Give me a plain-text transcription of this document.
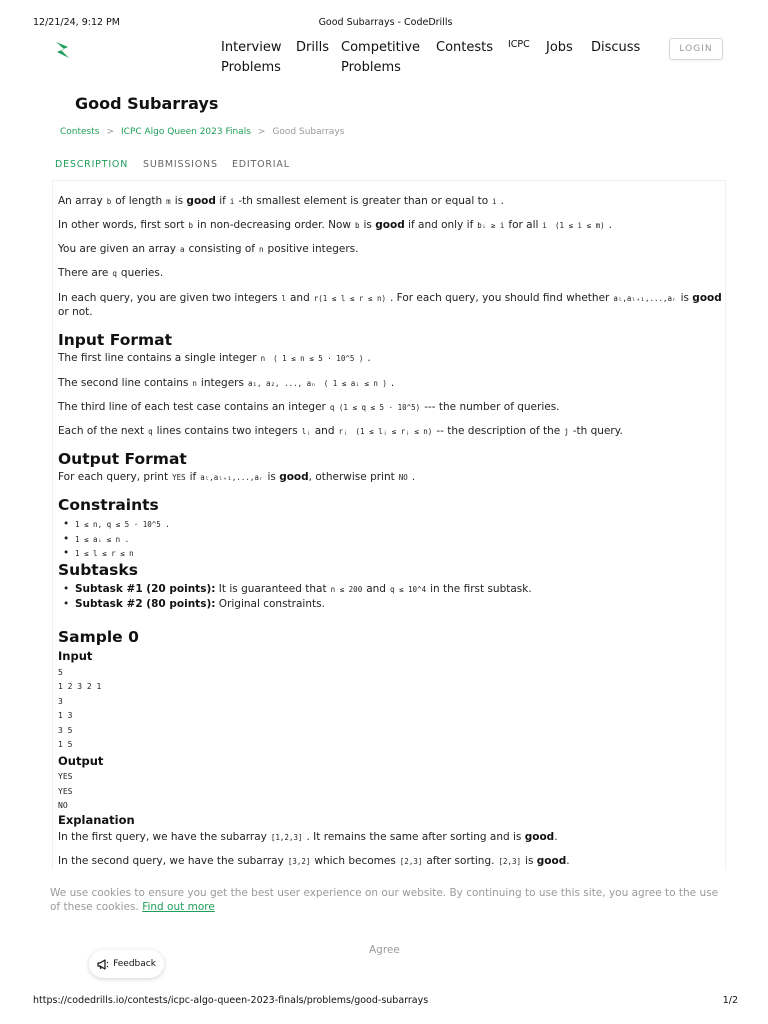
12/21/24, 9:12 PM	Good Subarrays - CodeDrills
Interview
Problems
Drills Competitive
Problems
Contests ICPC Jobs Discuss	LOGIN
Good Subarrays
Contests > ICPC Algo Queen 2023 Finals > Good Subarrays
DESCRIPTION SUBMISSIONS EDITORIAL
An array b of length m is good if i -th smallest element is greater than or equal to i .
In other words, first sort b in non-decreasing order. Now b is good if and only if bᵢ ≥ i for all i (1 ≤ i ≤ m) .
You are given an array a consisting of n positive integers.
There are q queries.
In each query, you are given two integers l and r(1 ≤ l ≤ r ≤ n) . For each query, you should find whether aₗ,aₗ₊₁,...,aᵣ is good
or not.
Input Format
The first line contains a single integer n ( 1 ≤ n ≤ 5 · 10^5 ) .
The second line contains n integers a₁, a₂, ..., aₙ ( 1 ≤ aᵢ ≤ n ) .
The third line of each test case contains an integer q (1 ≤ q ≤ 5 · 10^5) --- the number of queries.
Each of the next q lines contains two integers lⱼ and rⱼ (1 ≤ lⱼ ≤ rⱼ ≤ n) -- the description of the j -th query.
Output Format
For each query, print YES if aₗ,aₗ₊₁,...,aᵣ is good, otherwise print NO .
Constraints
• 1 ≤ n, q ≤ 5 · 10^5 .
• 1 ≤ aᵢ ≤ n .
• 1 ≤ l ≤ r ≤ n
Subtasks
• Subtask #1 (20 points): It is guaranteed that n ≤ 200 and q ≤ 10^4 in the first subtask.
• Subtask #2 (80 points): Original constraints.
Sample 0
Input
5
1 2 3 2 1
3
1 3
3 5
1 5
Output
YES
YES
NO
Explanation
In the first query, we have the subarray [1,2,3] . It remains the same after sorting and is good.
In the second query, we have the subarray [3,2] which becomes [2,3] after sorting. [2,3] is good.
We use cookies to ensure you get the best user experience on our website. By continuing to use this site, you agree to the use of these cookies. Find out more
Agree
Feedback
https://codedrills.io/contests/icpc-algo-queen-2023-finals/problems/good-subarrays	1/2
